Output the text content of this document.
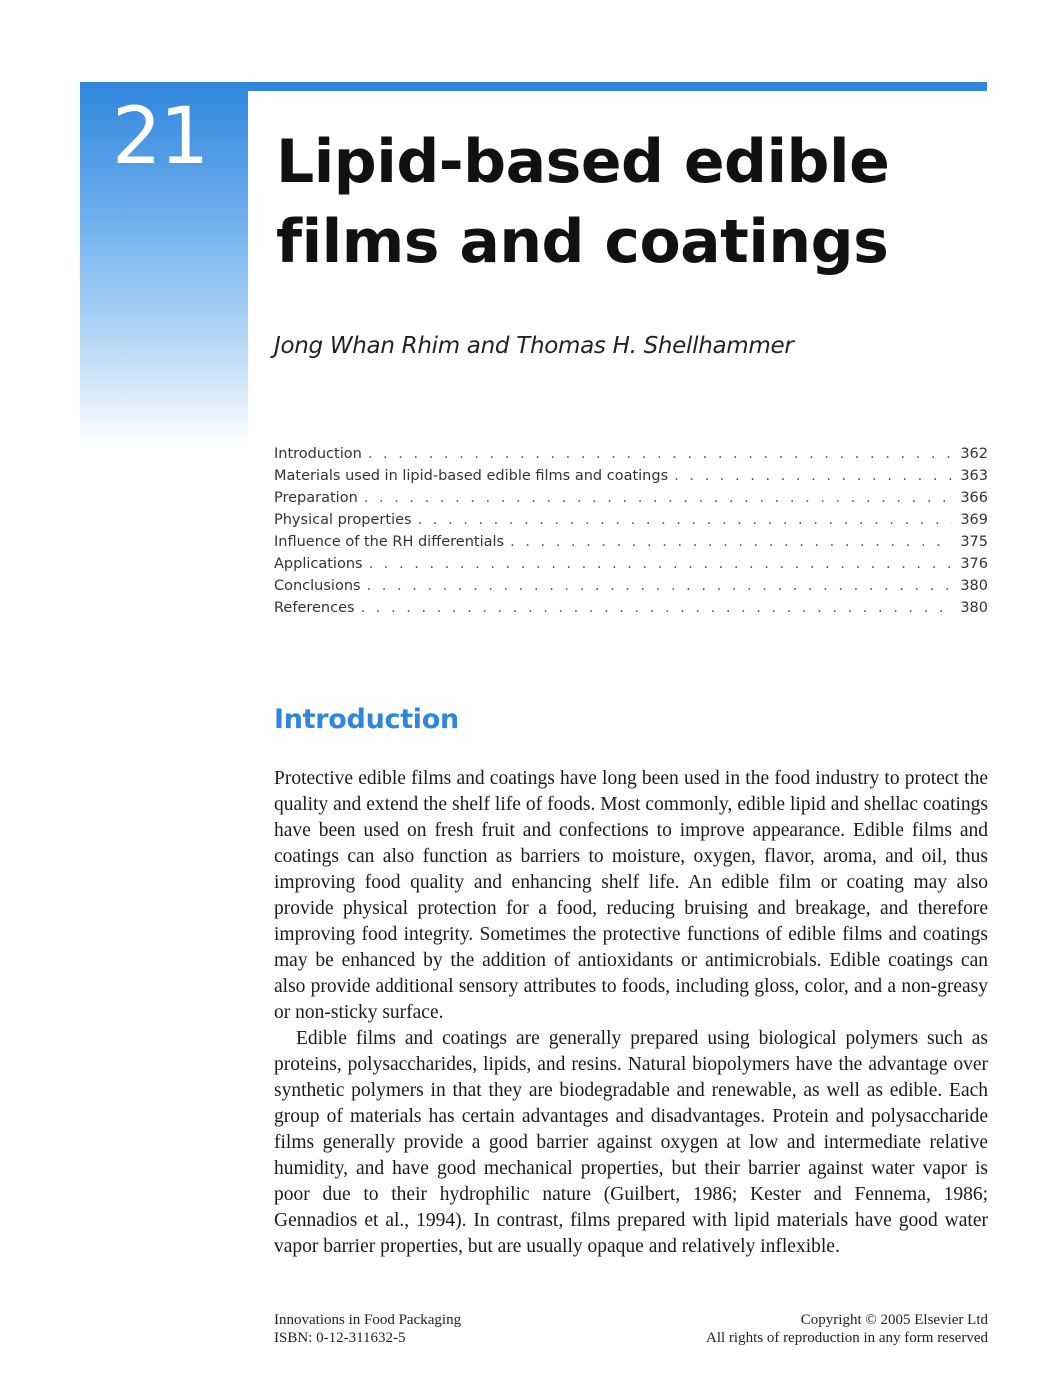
21 Lipid-based edible
films and coatings
Jong Whan Rhim and Thomas H. Shellhammer
Introduction . . .	362
Materials used in lipid-based edible films and coatings . . .	363
Preparation . . .	366
Physical properties . . .	369
Influence of the RH differentials . . .	375
Applications . . .	376
Conclusions . . .	380
References . . .	380
Introduction

Protective edible films and coatings have long been used in the food industry to protect the quality and extend the shelf life of foods. Most commonly, edible lipid and shellac coatings have been used on fresh fruit and confections to improve appearance. Edible films and coatings can also function as barriers to moisture, oxygen, flavor, aroma, and oil, thus improving food quality and enhancing shelf life. An edible film or coating may also provide physical protection for a food, reducing bruising and breakage, and therefore improving food integrity. Sometimes the protective functions of edible films and coatings may be enhanced by the addition of antioxidants or antimicrobials. Edible coatings can also provide additional sensory attributes to foods, including gloss, color, and a non-greasy or non-sticky surface.

Edible films and coatings are generally prepared using biological polymers such as proteins, polysaccharides, lipids, and resins. Natural biopolymers have the advantage over synthetic polymers in that they are biodegradable and renewable, as well as edible. Each group of materials has certain advantages and disadvantages. Protein and polysaccharide films generally provide a good barrier against oxygen at low and intermediate relative humidity, and have good mechanical properties, but their barrier against water vapor is poor due to their hydrophilic nature (Guilbert, 1986; Kester and Fennema, 1986; Gennadios et al., 1994). In contrast, films prepared with lipid materials have good water vapor barrier properties, but are usually opaque and relatively inflexible.

Innovations in Food Packaging
ISBN: 0-12-311632-5
Copyright © 2005 Elsevier Ltd
All rights of reproduction in any form reserved
